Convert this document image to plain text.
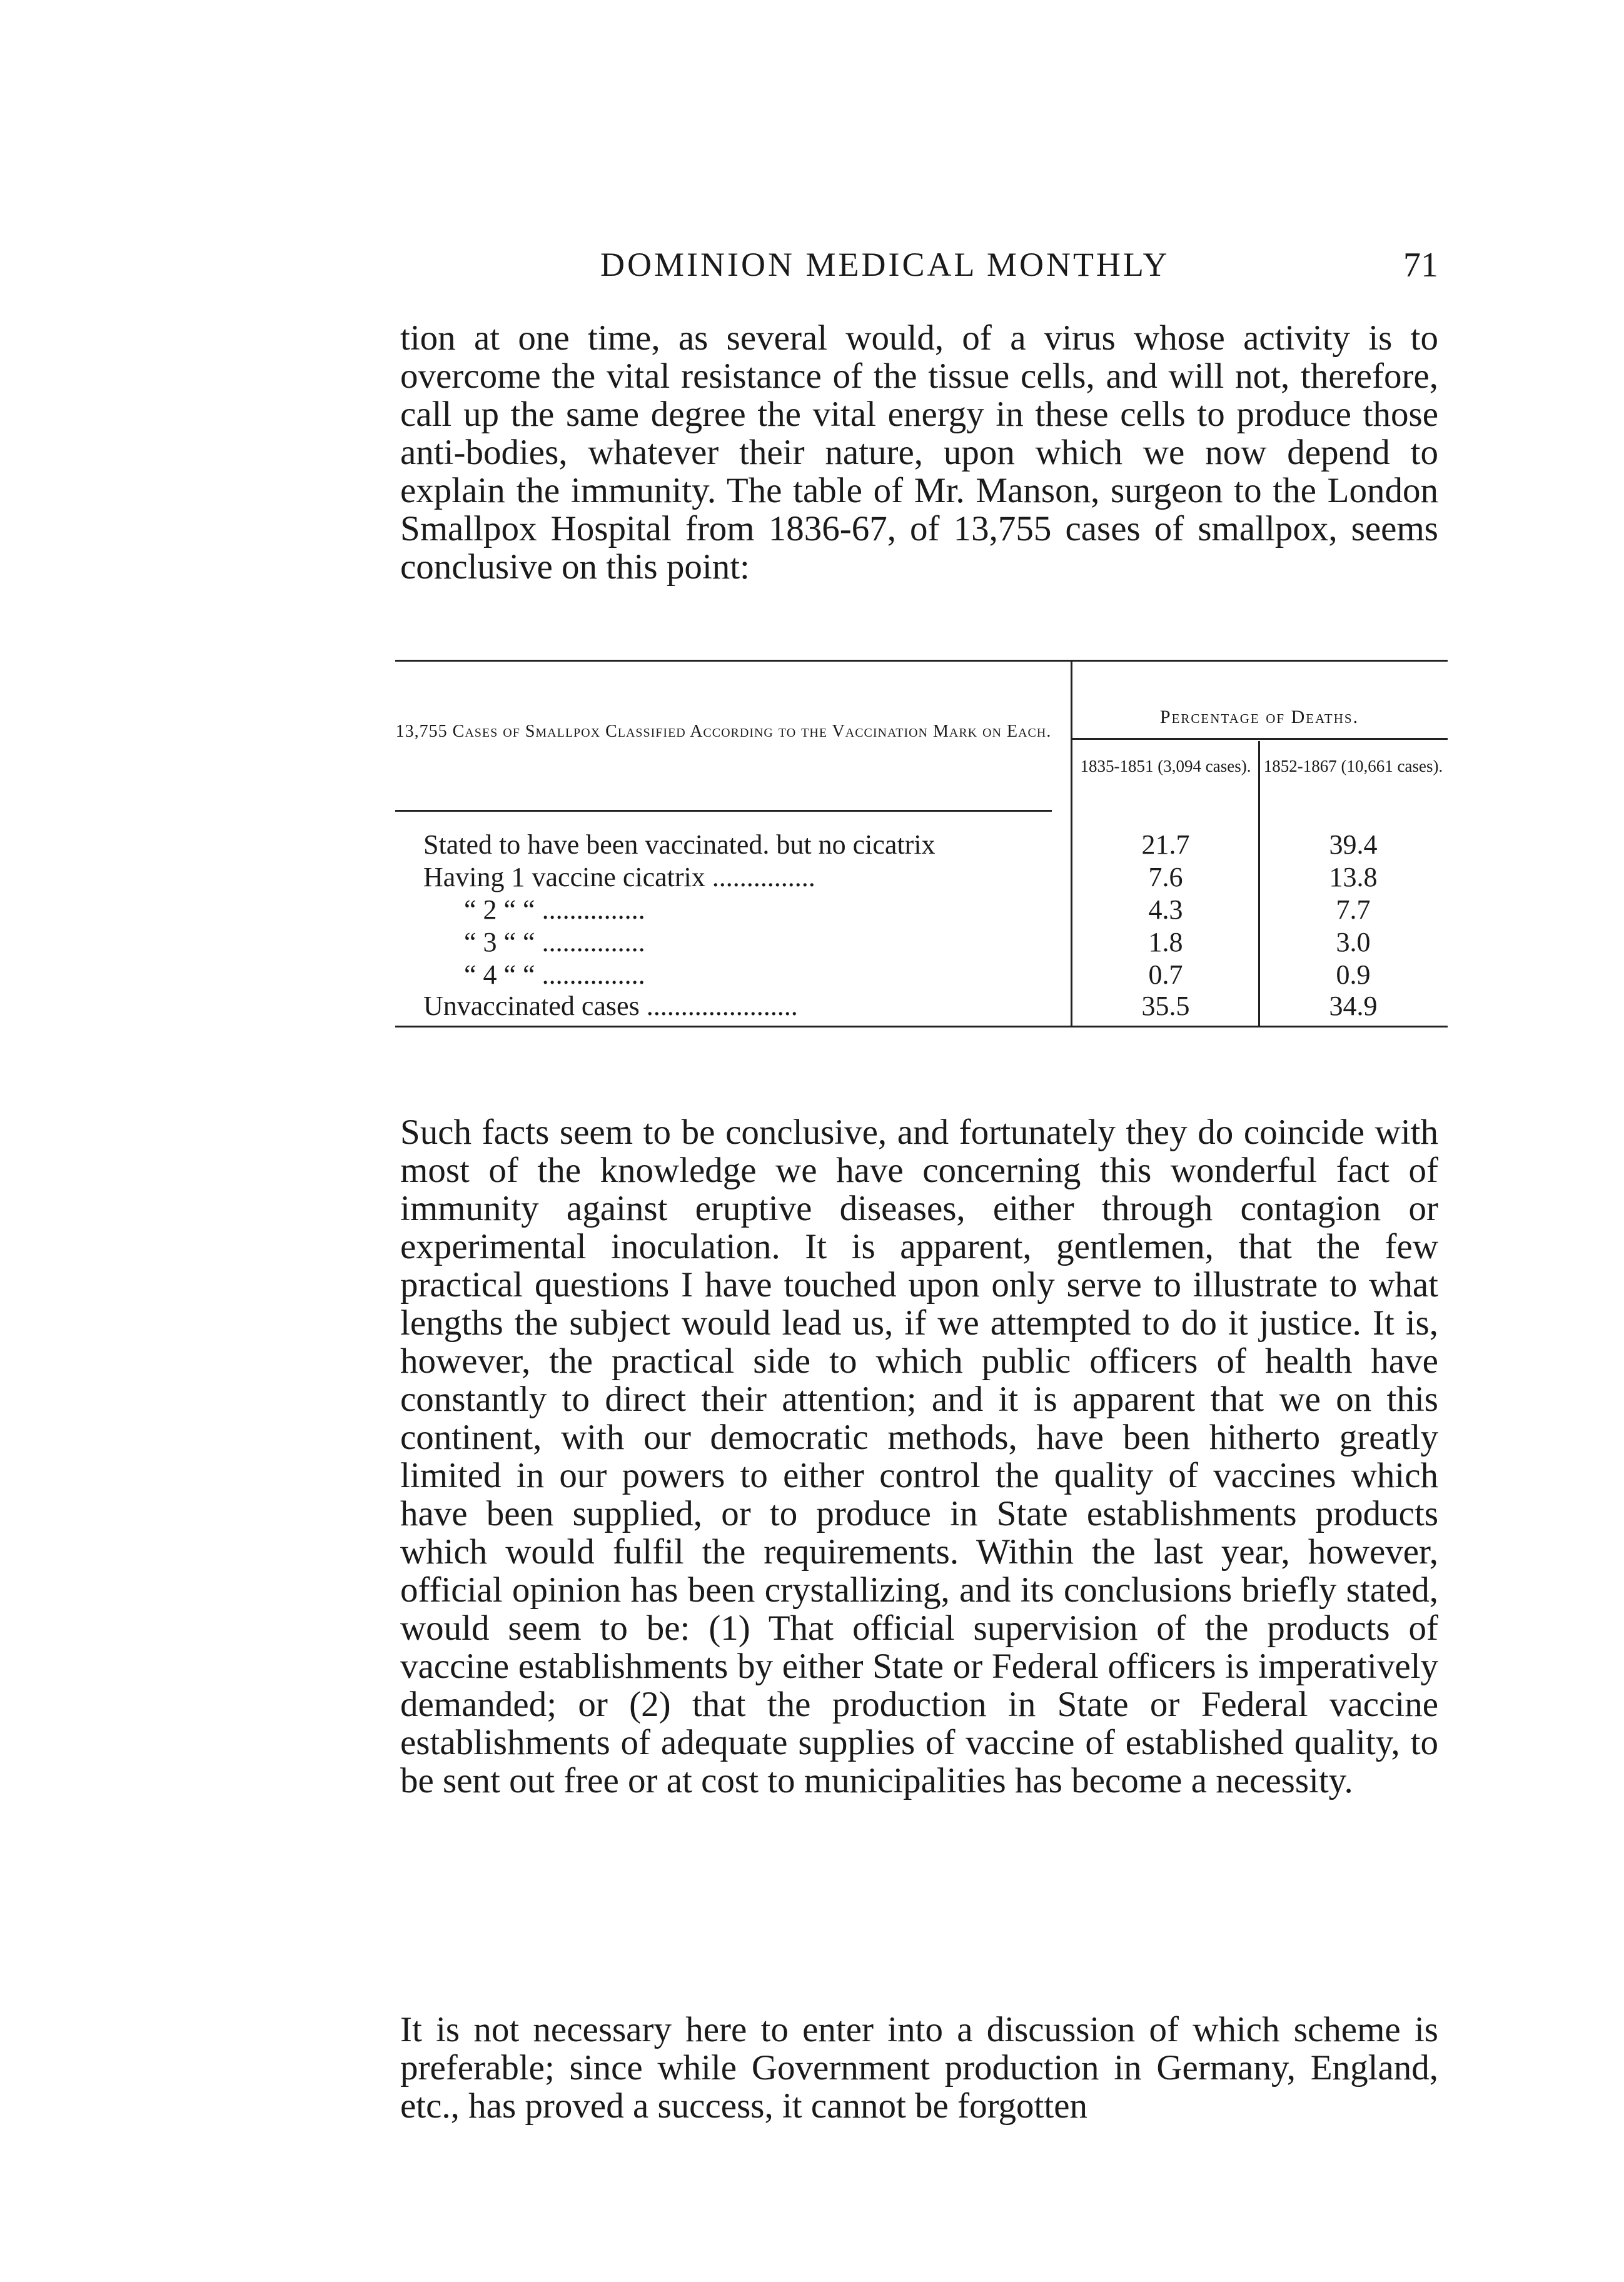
DOMINION MEDICAL MONTHLY	71

tion at one time, as several would, of a virus whose activity is to overcome the vital resistance of the tissue cells, and will not, therefore, call up the same degree the vital energy in these cells to produce those anti-bodies, whatever their nature, upon which we now depend to explain the immunity. The table of Mr. Manson, surgeon to the London Smallpox Hospital from 1836-67, of 13,755 cases of smallpox, seems conclusive on this point:

13,755 Cases of Smallpox Classified According to the Vaccination Mark on Each.
Percentage of Deaths.
1835-1851 (3,094 cases). 1852-1867 (10,661 cases).
Stated to have been vaccinated. but no cicatrix	21.7	39.4
Having 1 vaccine cicatrix ...............	7.6	13.8
“ 2 “ “ ...............	4.3	7.7
“ 3 “ “ ...............	1.8	3.0
“ 4 “ “ ...............	0.7	0.9
Unvaccinated cases ......................	35.5	34.9

Such facts seem to be conclusive, and fortunately they do coincide with most of the knowledge we have concerning this wonderful fact of immunity against eruptive diseases, either through contagion or experimental inoculation. It is apparent, gentlemen, that the few practical questions I have touched upon only serve to illustrate to what lengths the subject would lead us, if we attempted to do it justice. It is, however, the practical side to which public officers of health have constantly to direct their attention; and it is apparent that we on this continent, with our democratic methods, have been hitherto greatly limited in our powers to either control the quality of vaccines which have been supplied, or to produce in State establishments products which would fulfil the requirements. Within the last year, however, official opinion has been crystallizing, and its conclusions briefly stated, would seem to be: (1) That official supervision of the products of vaccine establishments by either State or Federal officers is imperatively demanded; or (2) that the production in State or Federal vaccine establishments of adequate supplies of vaccine of established quality, to be sent out free or at cost to municipalities has become a necessity.

It is not necessary here to enter into a discussion of which scheme is preferable; since while Government production in Germany, England, etc., has proved a success, it cannot be forgotten
